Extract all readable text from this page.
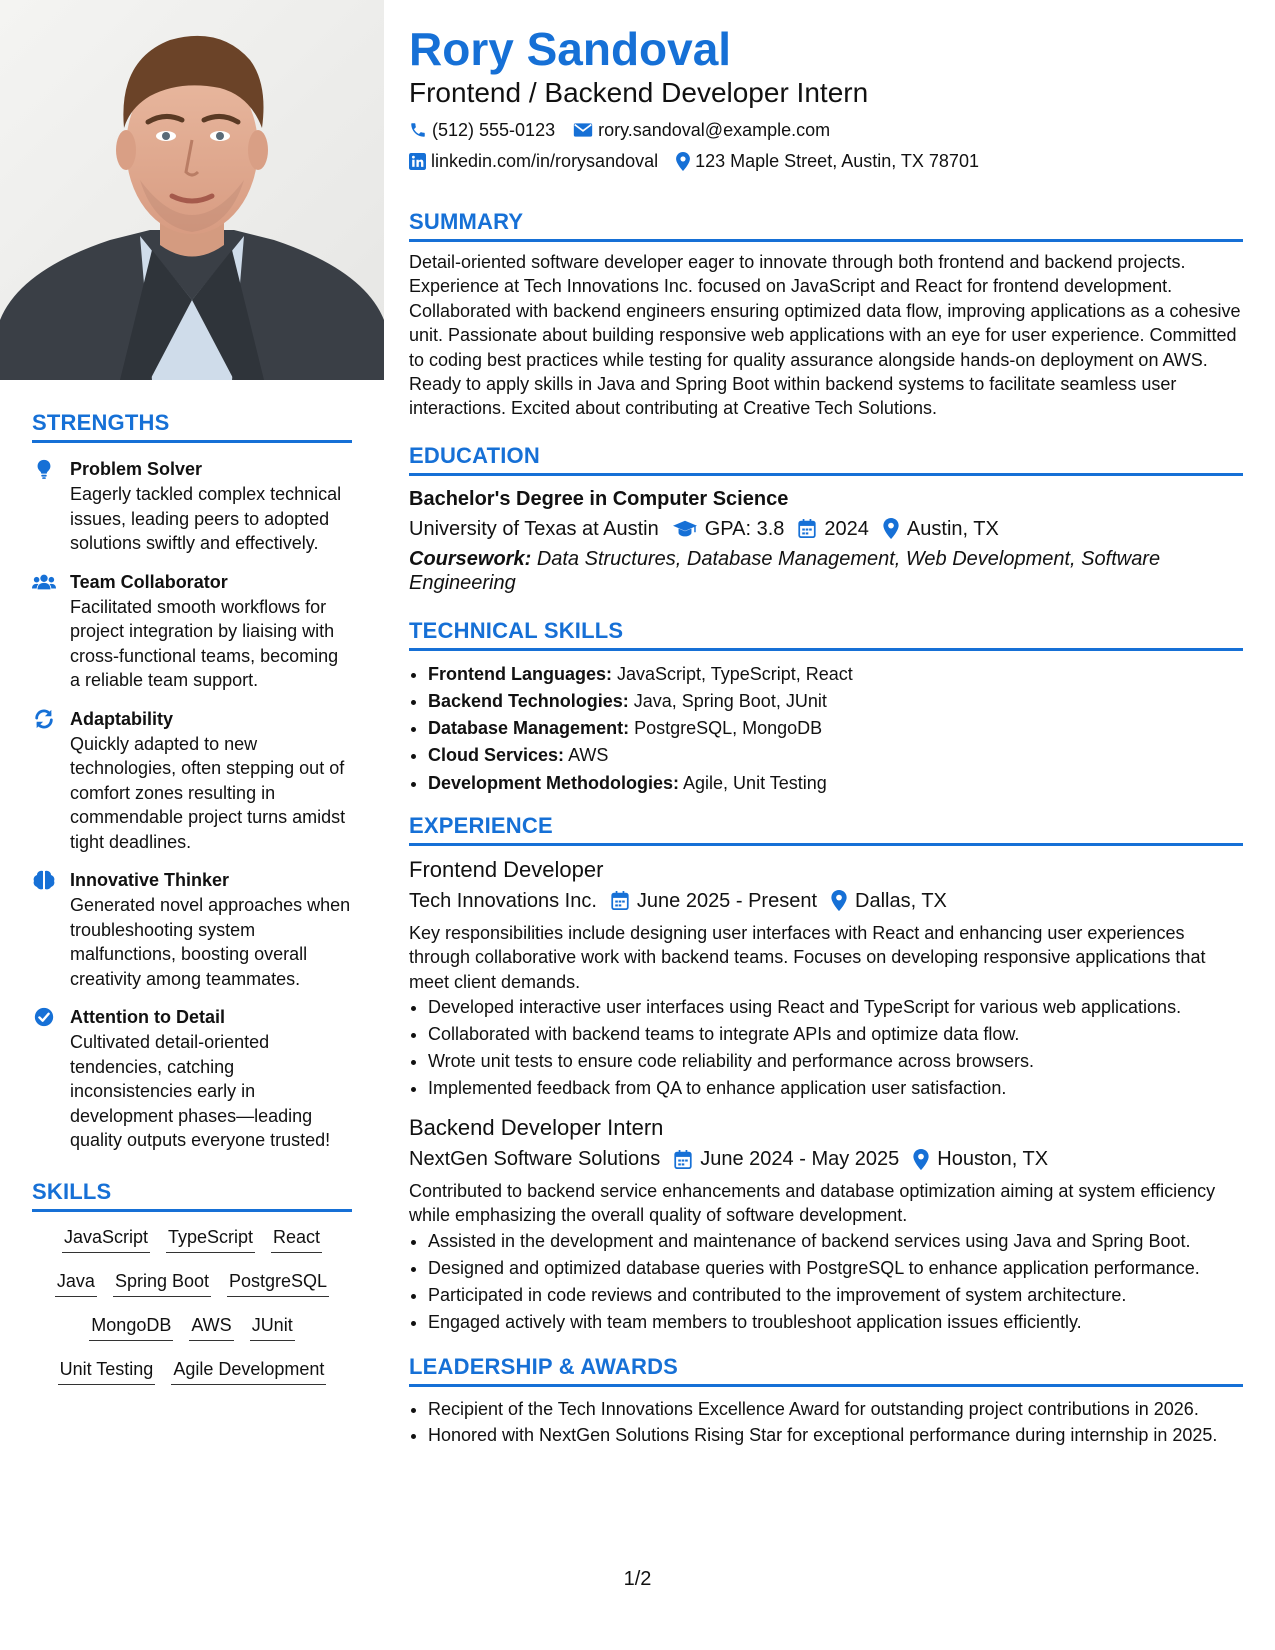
STRENGTHS
Problem Solver
Eagerly tackled complex technical issues, leading peers to adopted solutions swiftly and effectively.
Team Collaborator
Facilitated smooth workflows for project integration by liaising with cross-functional teams, becoming a reliable team support.
Adaptability
Quickly adapted to new technologies, often stepping out of comfort zones resulting in commendable project turns amidst tight deadlines.
Innovative Thinker
Generated novel approaches when troubleshooting system malfunctions, boosting overall creativity among teammates.
Attention to Detail
Cultivated detail-oriented tendencies, catching inconsistencies early in development phases—leading quality outputs everyone trusted!
SKILLS
JavaScript TypeScript React
Java Spring Boot PostgreSQL
MongoDB AWS JUnit
Unit Testing Agile Development
Rory Sandoval
Frontend / Backend Developer Intern
(512) 555-0123 rory.sandoval@example.com
linkedin.com/in/rorysandoval 123 Maple Street, Austin, TX 78701
SUMMARY
Detail-oriented software developer eager to innovate through both frontend and backend projects. Experience at Tech Innovations Inc. focused on JavaScript and React for frontend development. Collaborated with backend engineers ensuring optimized data flow, improving applications as a cohesive unit. Passionate about building responsive web applications with an eye for user experience. Committed to coding best practices while testing for quality assurance alongside hands-on deployment on AWS. Ready to apply skills in Java and Spring Boot within backend systems to facilitate seamless user interactions. Excited about contributing at Creative Tech Solutions.
EDUCATION
Bachelor's Degree in Computer Science
University of Texas at Austin GPA: 3.8 2024 Austin, TX
Coursework: Data Structures, Database Management, Web Development, Software Engineering
TECHNICAL SKILLS
• Frontend Languages: JavaScript, TypeScript, React
• Backend Technologies: Java, Spring Boot, JUnit
• Database Management: PostgreSQL, MongoDB
• Cloud Services: AWS
• Development Methodologies: Agile, Unit Testing
EXPERIENCE
Frontend Developer
Tech Innovations Inc. June 2025 - Present Dallas, TX
Key responsibilities include designing user interfaces with React and enhancing user experiences through collaborative work with backend teams. Focuses on developing responsive applications that meet client demands.
• Developed interactive user interfaces using React and TypeScript for various web applications.
• Collaborated with backend teams to integrate APIs and optimize data flow.
• Wrote unit tests to ensure code reliability and performance across browsers.
• Implemented feedback from QA to enhance application user satisfaction.
Backend Developer Intern
NextGen Software Solutions June 2024 - May 2025 Houston, TX
Contributed to backend service enhancements and database optimization aiming at system efficiency while emphasizing the overall quality of software development.
• Assisted in the development and maintenance of backend services using Java and Spring Boot.
• Designed and optimized database queries with PostgreSQL to enhance application performance.
• Participated in code reviews and contributed to the improvement of system architecture.
• Engaged actively with team members to troubleshoot application issues efficiently.
LEADERSHIP & AWARDS
• Recipient of the Tech Innovations Excellence Award for outstanding project contributions in 2026.
• Honored with NextGen Solutions Rising Star for exceptional performance during internship in 2025.
1/2
